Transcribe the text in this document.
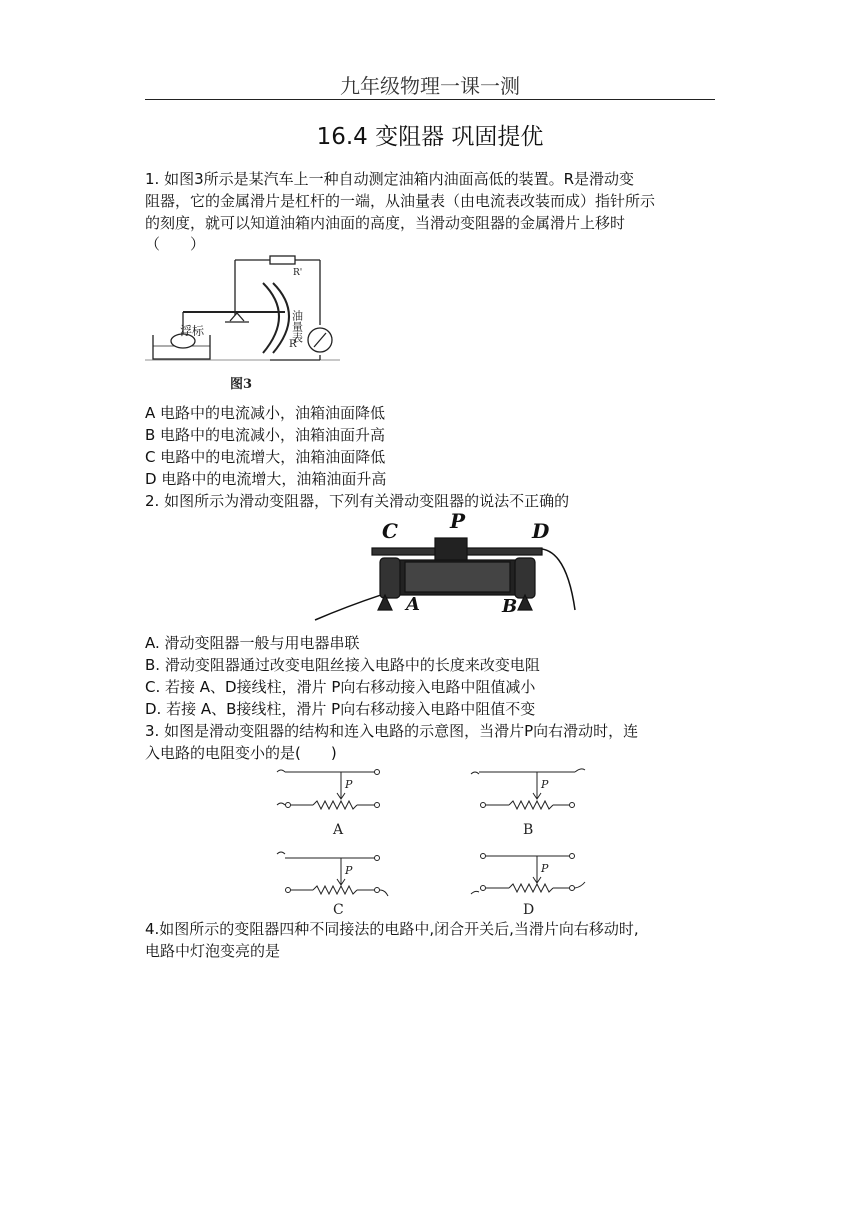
九年级物理一课一测
16.4 变阻器 巩固提优
1. 如图3所示是某汽车上一种自动测定油箱内油面高低的装置。R是滑动变
阻器，它的金属滑片是杠杆的一端，从油量表（由电流表改装而成）指针所示
的刻度，就可以知道油箱内油面的高度，当滑动变阻器的金属滑片上移时
（　　）
浮标
R'
R
油量表
图3
A 电路中的电流减小，油箱油面降低
B 电路中的电流减小，油箱油面升高
C 电路中的电流增大，油箱油面降低
D 电路中的电流增大，油箱油面升高
2. 如图所示为滑动变阻器，下列有关滑动变阻器的说法不正确的
C	P	D
A	B
A. 滑动变阻器一般与用电器串联
B. 滑动变阻器通过改变电阻丝接入电路中的长度来改变电阻
C. 若接 A、D接线柱，滑片 P向右移动接入电路中阻值减小
D. 若接 A、B接线柱，滑片 P向右移动接入电路中阻值不变
3. 如图是滑动变阻器的结构和连入电路的示意图，当滑片P向右滑动时，连
入电路的电阻变小的是(　　)
P	P
P	P
A	B
C	D
4.如图所示的变阻器四种不同接法的电路中,闭合开关后,当滑片向右移动时,
电路中灯泡变亮的是
